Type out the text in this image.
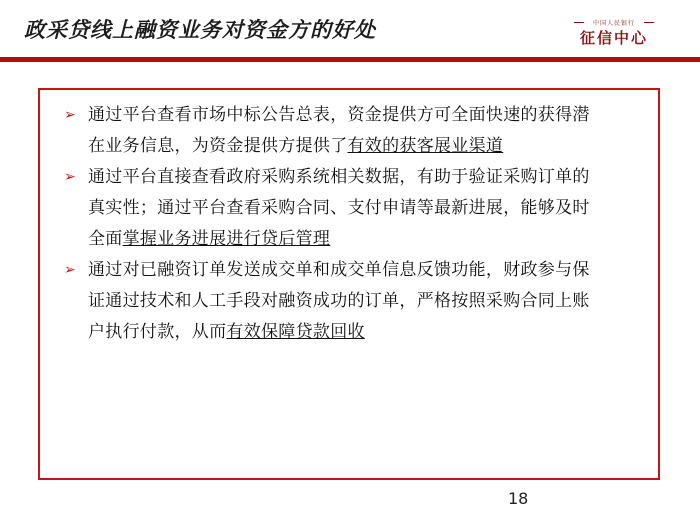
政采贷线上融资业务对资金方的好处	中国人民银行
征信中心
➢ 通过平台查看市场中标公告总表，资金提供方可全面快速的获得潜
在业务信息，为资金提供方提供了有效的获客展业渠道
➢ 通过平台直接查看政府采购系统相关数据，有助于验证采购订单的
真实性；通过平台查看采购合同、支付申请等最新进展，能够及时
全面掌握业务进展进行贷后管理
➢ 通过对已融资订单发送成交单和成交单信息反馈功能，财政参与保
证通过技术和人工手段对融资成功的订单，严格按照采购合同上账
户执行付款，从而有效保障贷款回收
18
